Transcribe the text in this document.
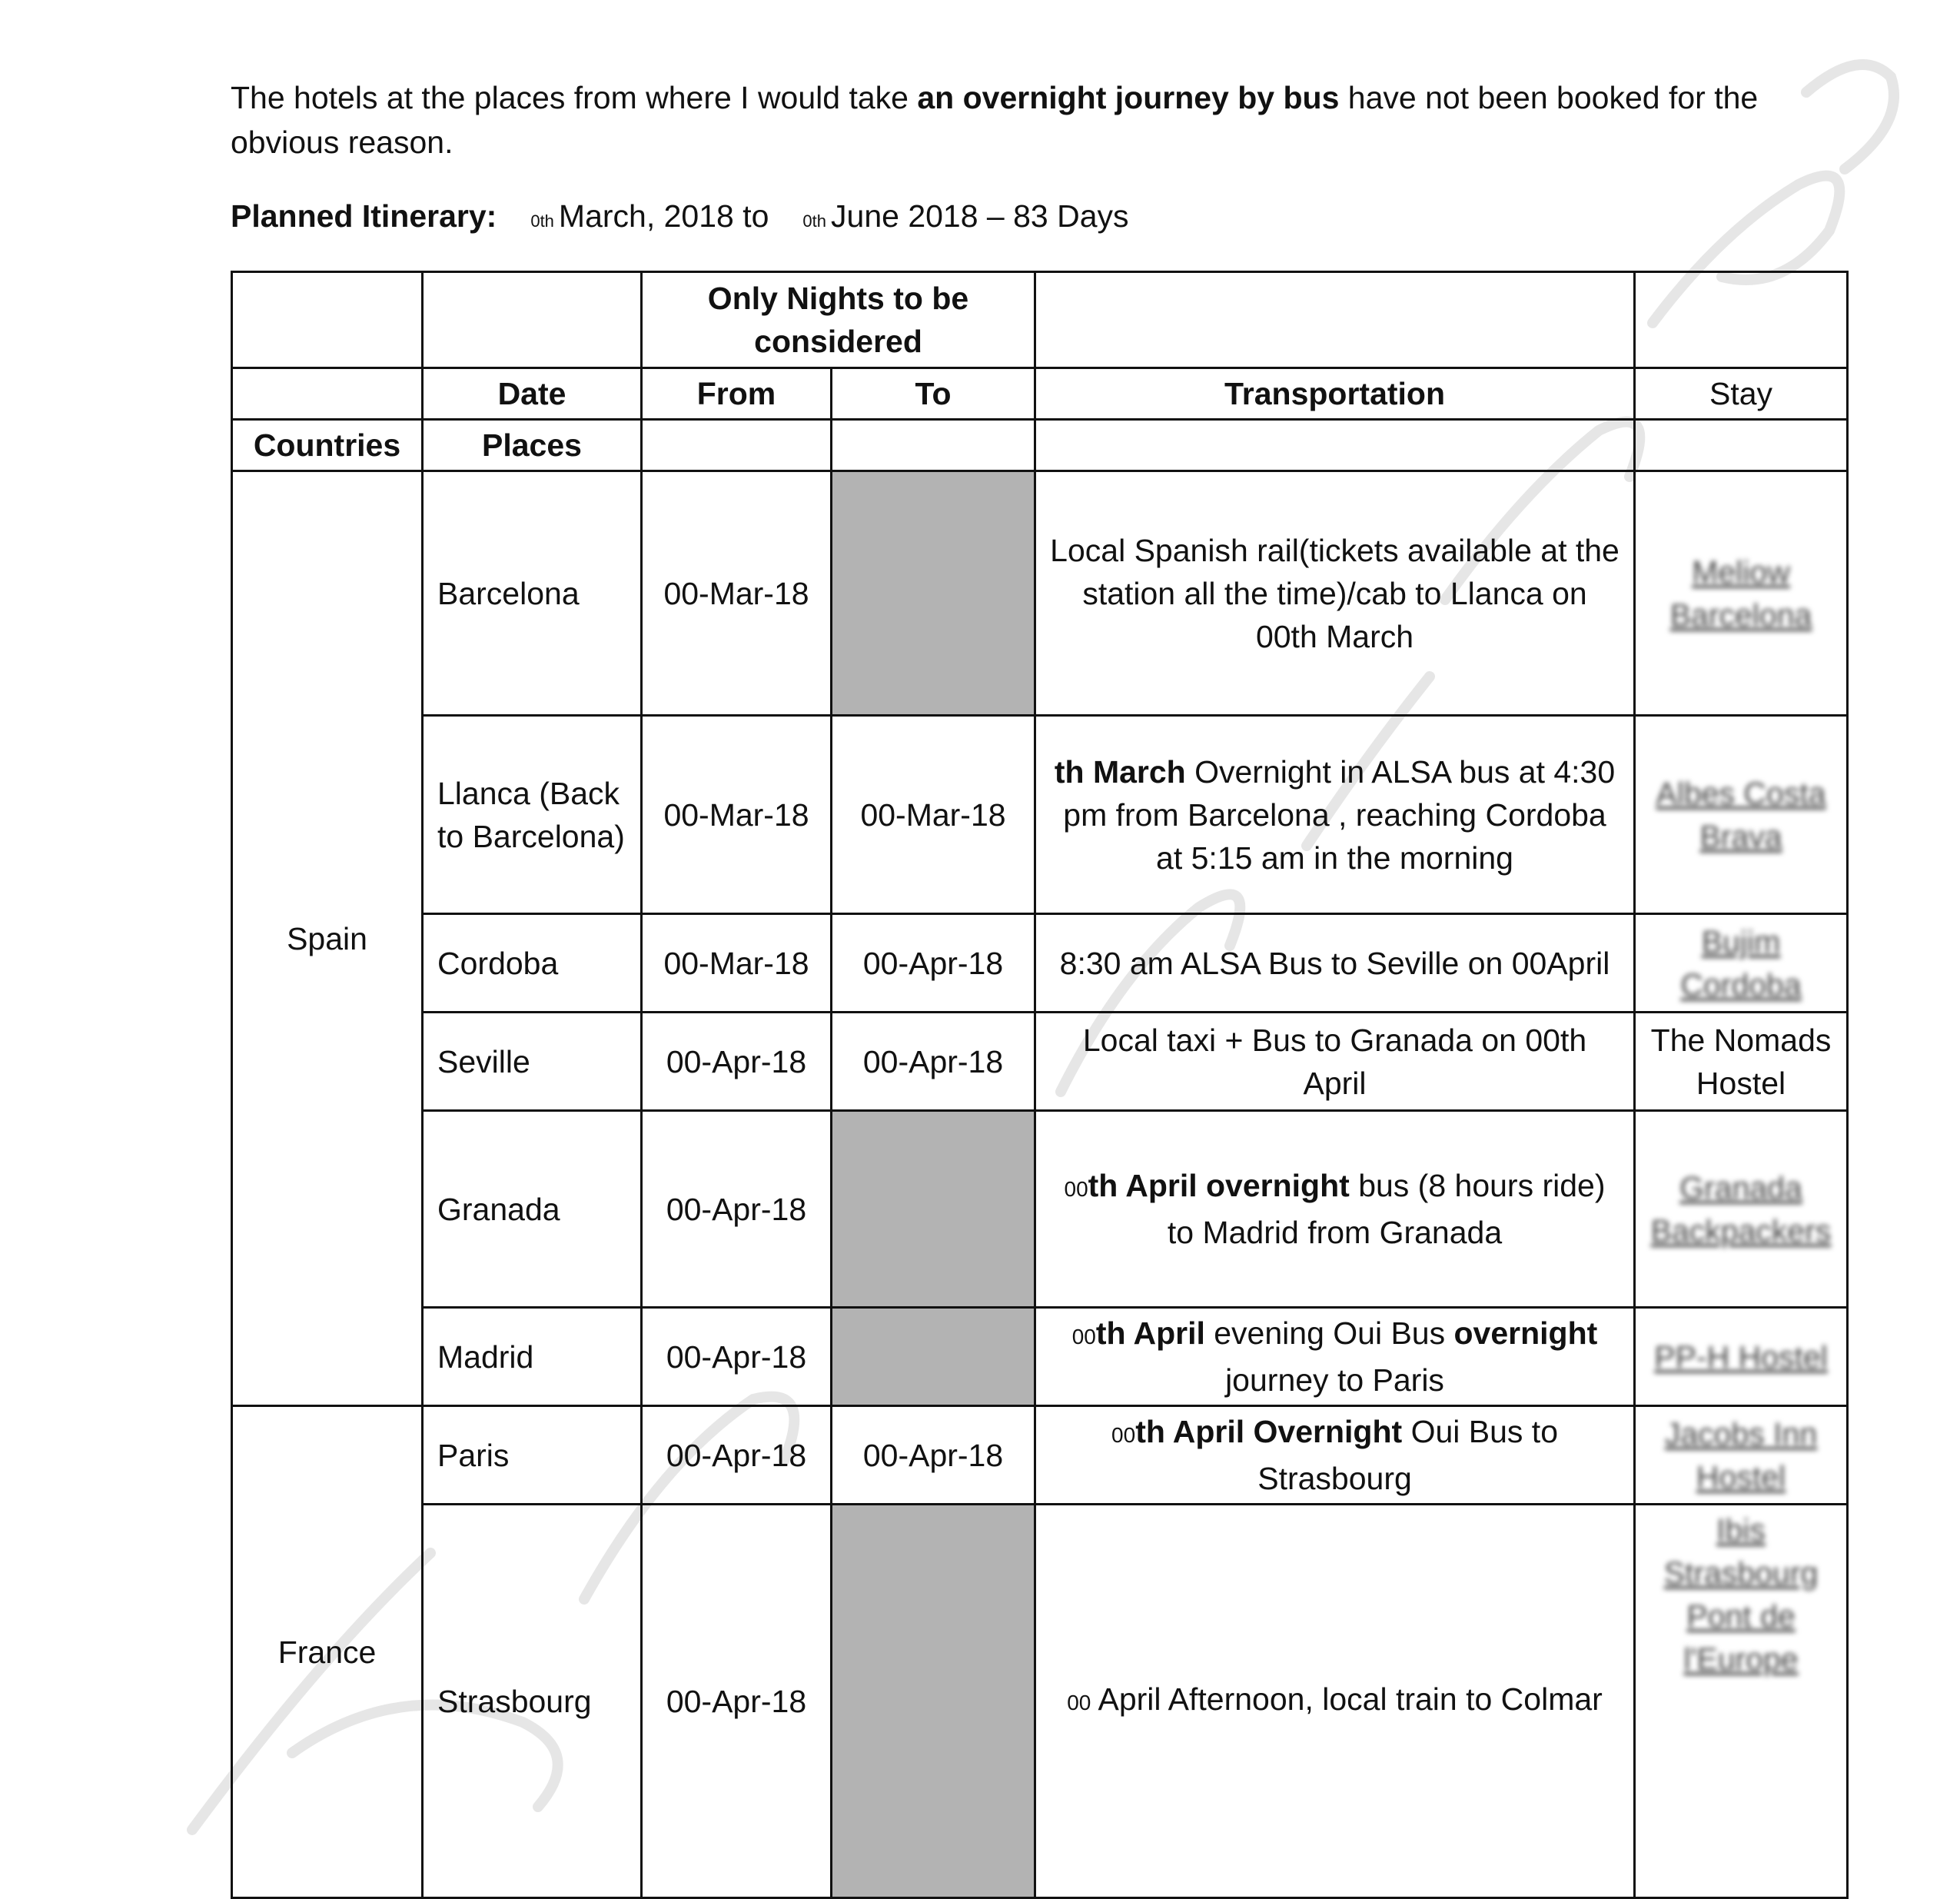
The hotels at the places from where I would take an overnight journey by bus have not been booked for the obvious reason.
Planned Itinerary: 0th March, 2018 to 0th June 2018 – 83 Days
		Only Nights to be considered			
	Date	From	To	Transportation	Stay
Countries	Places				
Spain	Barcelona	00-Mar-18		Local Spanish rail(tickets available at the station all the time)/cab to Llanca on 00th March	Meliow Barcelona
	Llanca (Back to Barcelona)	00-Mar-18	00-Mar-18	th March Overnight in ALSA bus at 4:30 pm from Barcelona , reaching Cordoba at 5:15 am in the morning	Albes Costa Brava
	Cordoba	00-Mar-18	00-Apr-18	8:30 am ALSA Bus to Seville on 00April	Bujim Cordoba
	Seville	00-Apr-18	00-Apr-18	Local taxi + Bus to Granada on 00th April	The Nomads Hostel
	Granada	00-Apr-18		00th April overnight bus (8 hours ride) to Madrid from Granada	Granada Backpackers
	Madrid	00-Apr-18		00th April evening Oui Bus overnight journey to Paris	PP-H Hostel
France	Paris	00-Apr-18	00-Apr-18	00th April Overnight Oui Bus to Strasbourg	Jacobs Inn Hostel
	Strasbourg	00-Apr-18		00 April Afternoon, local train to Colmar	Ibis Strasbourg Pont de l'Europe
